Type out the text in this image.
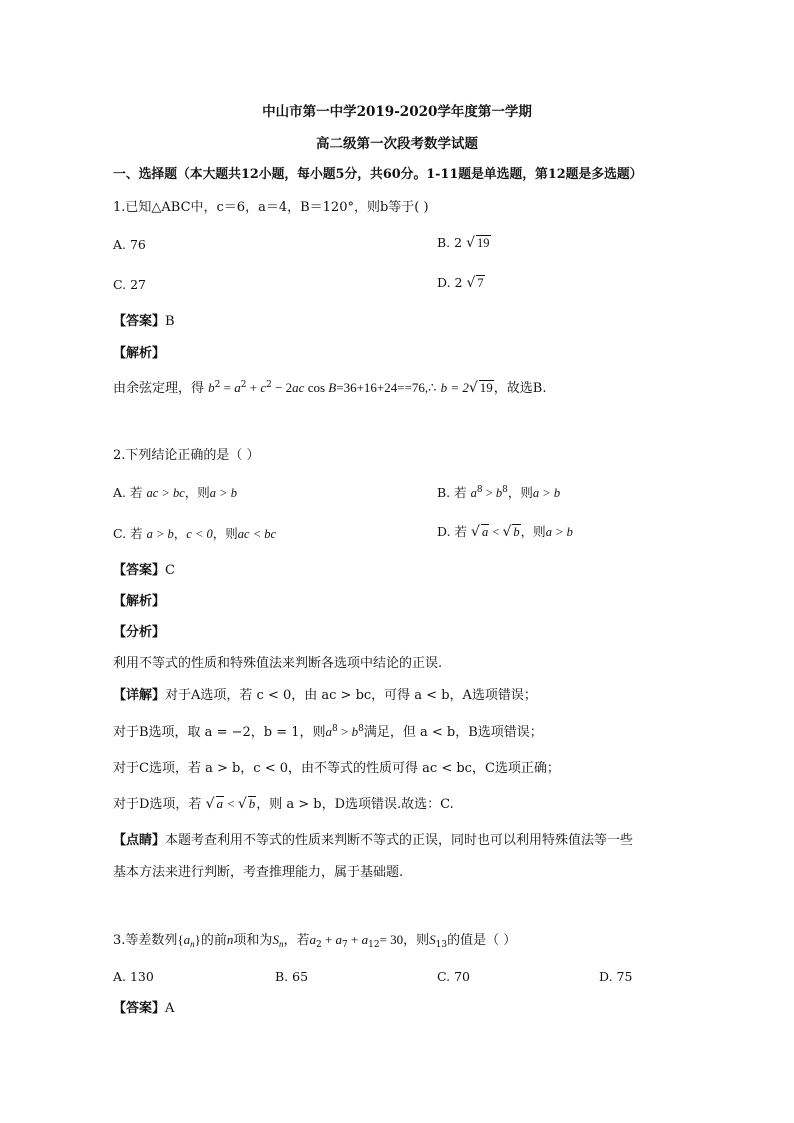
中山市第一中学2019-2020学年度第一学期
高二级第一次段考数学试题
一、选择题（本大题共12小题，每小题5分，共60分。1-11题是单选题，第12题是多选题）
1.已知△ABC中，c＝6，a＝4，B＝120°，则b等于( )
A. 76	B. 2 √ 19
C. 27	D. 2 √ 7
【答案】B
【解析】
由余弦定理，得 $b^2 = a^2 + c^2 - 2ac$ cos B=36+16+24==76,∴ b = 2√ 19，故选B.
2.下列结论正确的是（ ）
A. 若 ac > bc，则a > b	B. 若 $a^8 > b^8$，则a > b
C. 若 a > b，c < 0，则ac < bc	D. 若 √ a < √ b，则a > b
【答案】C
【解析】
【分析】
利用不等式的性质和特殊值法来判断各选项中结论的正误.
【详解】对于A选项，若 c < 0，由 ac > bc，可得 a < b，A选项错误；
对于B选项，取 a = −2，b = 1，则$a^8 > b^8$满足，但 a < b，B选项错误；
对于C选项，若 a > b，c < 0，由不等式的性质可得 ac < bc，C选项正确；
对于D选项，若 √ a < √ b，则 a > b，D选项错误.故选：C.
【点睛】本题考查利用不等式的性质来判断不等式的正误，同时也可以利用特殊值法等一些
基本方法来进行判断，考查推理能力，属于基础题.
3.等差数列$\{a_n\}$的前n项和为$S_n$，若$a_2 + a_7 + a_{12}= 30$，则$S_{13}$的值是（ ）
A. 130	B. 65	C. 70	D. 75
【答案】A
